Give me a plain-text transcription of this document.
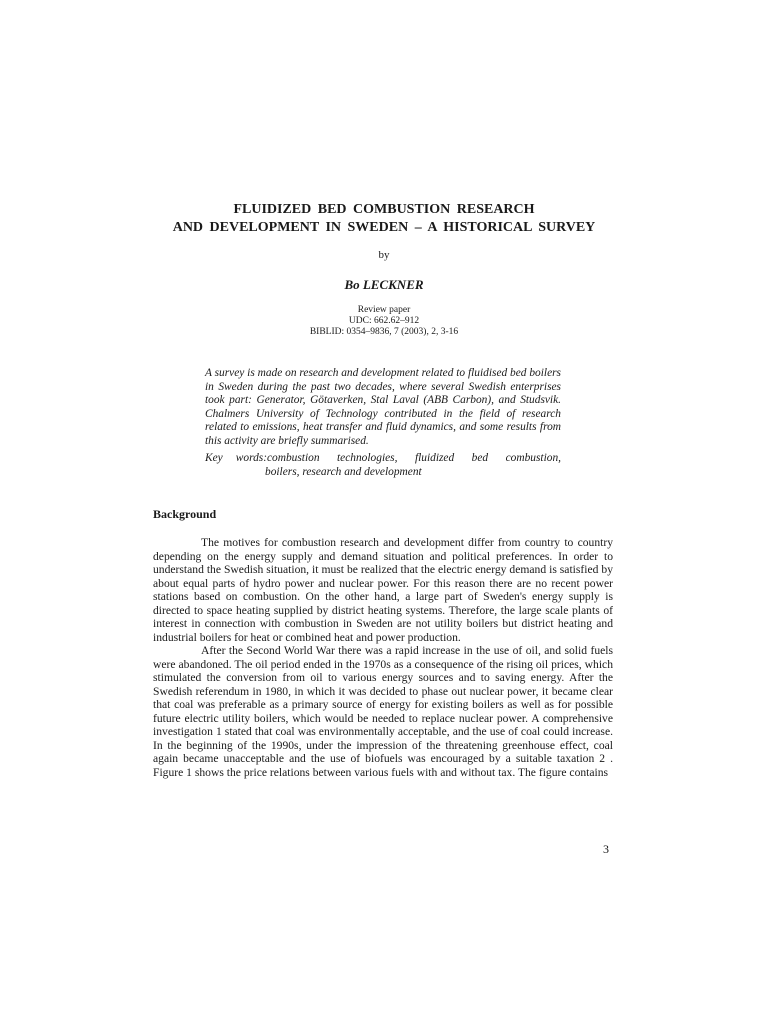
FLUIDIZED BED COMBUSTION RESEARCH
AND DEVELOPMENT IN SWEDEN – A HISTORICAL SURVEY
by
Bo LECKNER
Review paper
UDC: 662.62–912
BIBLID: 0354–9836, 7 (2003), 2, 3-16
A survey is made on research and development related to fluidised bed boilers in Sweden during the past two decades, where several Swedish enterprises took part: Generator, Götaverken, Stal Laval (ABB Carbon), and Studsvik. Chalmers University of Technology contributed in the field of research related to emissions, heat transfer and fluid dynamics, and some results from this activity are briefly summarised.
Key words:combustion technologies, fluidized bed combustion,
boilers, research and development
Background

The motives for combustion research and development differ from country to country depending on the energy supply and demand situation and political preferences. In order to understand the Swedish situation, it must be realized that the electric energy demand is satisfied by about equal parts of hydro power and nuclear power. For this reason there are no recent power stations based on combustion. On the other hand, a large part of Sweden's energy supply is directed to space heating supplied by district heating systems. Therefore, the large scale plants of interest in connection with combustion in Sweden are not utility boilers but district heating and industrial boilers for heat or combined heat and power production.

After the Second World War there was a rapid increase in the use of oil, and solid fuels were abandoned. The oil period ended in the 1970s as a consequence of the rising oil prices, which stimulated the conversion from oil to various energy sources and to saving energy. After the Swedish referendum in 1980, in which it was decided to phase out nuclear power, it became clear that coal was preferable as a primary source of energy for existing boilers as well as for possible future electric utility boilers, which would be needed to replace nuclear power. A comprehensive investigation 1 stated that coal was environmentally acceptable, and the use of coal could increase. In the beginning of the 1990s, under the impression of the threatening greenhouse effect, coal again became unacceptable and the use of biofuels was encouraged by a suitable taxation 2 . Figure 1 shows the price relations between various fuels with and without tax. The figure contains

3
